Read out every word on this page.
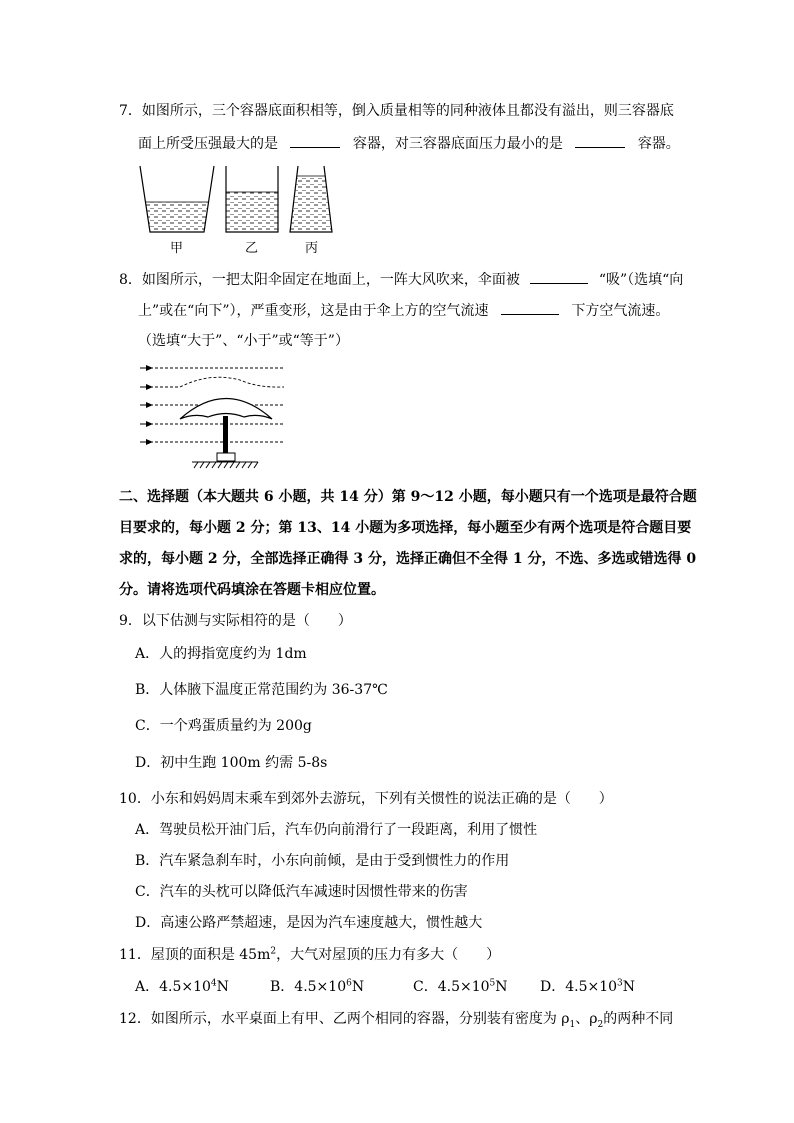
7．如图所示，三个容器底面积相等，倒入质量相等的同种液体且都没有溢出，则三容器底
面上所受压强最大的是	容器，对三容器底面压力最小的是	容器。
甲	乙	丙
8．如图所示，一把太阳伞固定在地面上，一阵大风吹来，伞面被	“吸”（选填“向
上”或在“向下”），严重变形，这是由于伞上方的空气流速	下方空气流速。
（选填“大于”、“小于”或“等于”）
二、选择题（本大题共 6 小题，共 14 分）第 9～12 小题，每小题只有一个选项是最符合题
目要求的，每小题 2 分；第 13、14 小题为多项选择，每小题至少有两个选项是符合题目要
求的，每小题 2 分，全部选择正确得 3 分，选择正确但不全得 1 分，不选、多选或错选得 0
分。请将选项代码填涂在答题卡相应位置。
9．以下估测与实际相符的是（　　）
A．人的拇指宽度约为 1dm
B．人体腋下温度正常范围约为 36-37℃
C．一个鸡蛋质量约为 200g
D．初中生跑 100m 约需 5-8s
10．小东和妈妈周末乘车到郊外去游玩，下列有关惯性的说法正确的是（　　）
A．驾驶员松开油门后，汽车仍向前滑行了一段距离，利用了惯性
B．汽车紧急刹车时，小东向前倾，是由于受到惯性力的作用
C．汽车的头枕可以降低汽车减速时因惯性带来的伤害
D．高速公路严禁超速，是因为汽车速度越大，惯性越大
11．屋顶的面积是 $45m^2$，大气对屋顶的压力有多大（　　）
A．$4.5\times 10^4N$	B．$4.5\times 10^6N$	C．$4.5\times 10^5N$ D．$4.5\times 10^3N$
12．如图所示，水平桌面上有甲、乙两个相同的容器，分别装有密度为 $\rho_1$、$\rho_2$的两种不同
